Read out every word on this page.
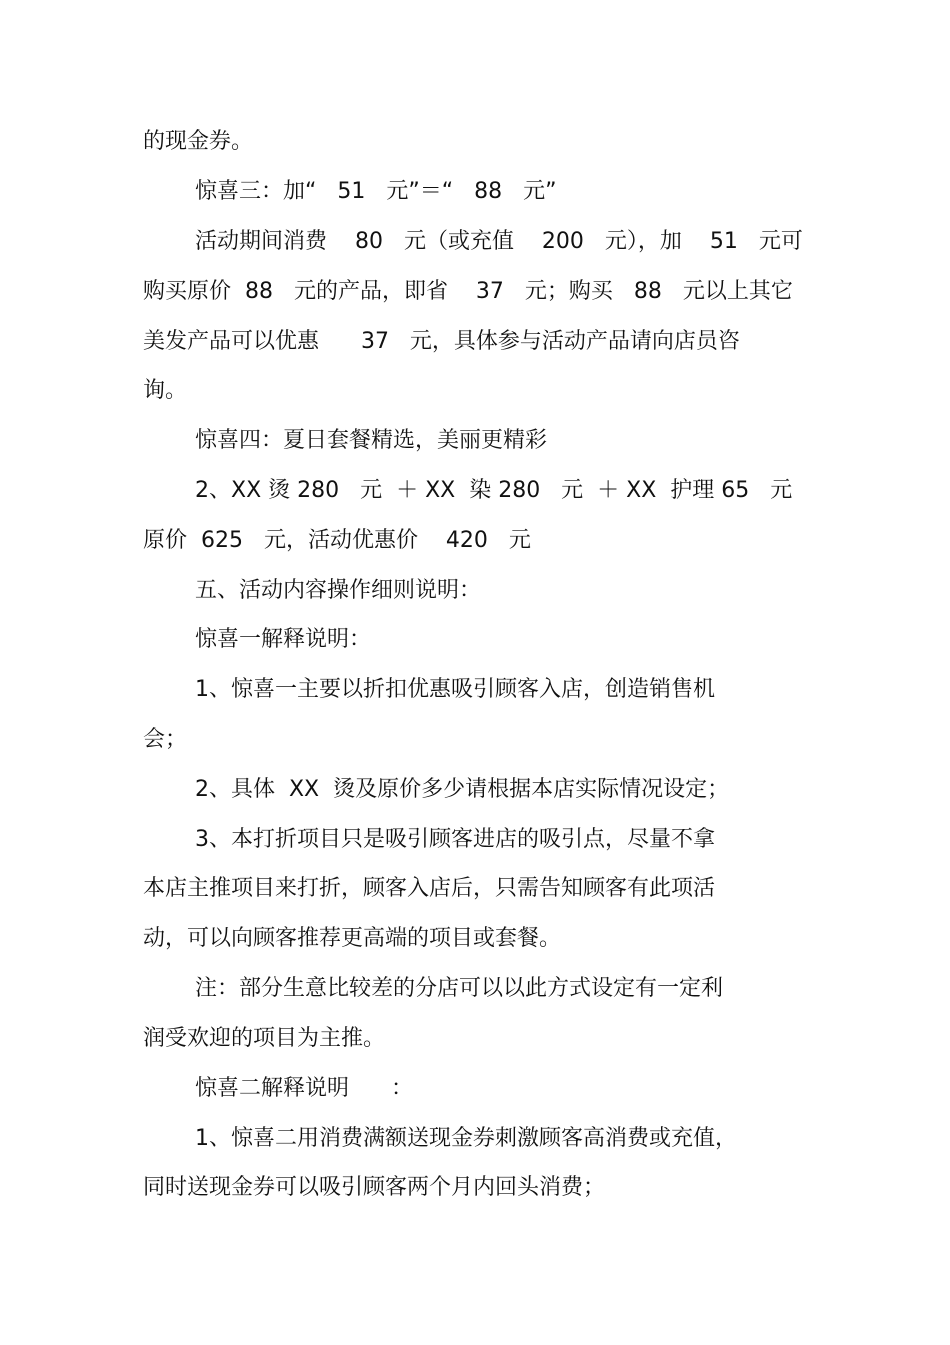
的现金券。
惊喜三：加“   51   元”＝“   88   元”
活动期间消费    80   元（或充值    200   元），加    51   元可
购买原价  88   元的产品，即省    37   元；购买   88   元以上其它
美发产品可以优惠      37   元，具体参与活动产品请向店员咨
询。
惊喜四：夏日套餐精选，美丽更精彩
2、XX 烫 280   元  ＋ XX  染 280   元  ＋ XX  护理 65   元
原价  625   元，活动优惠价    420   元
五、活动内容操作细则说明：
惊喜一解释说明：
1、惊喜一主要以折扣优惠吸引顾客入店，创造销售机
会；
2、具体  XX  烫及原价多少请根据本店实际情况设定；
3、本打折项目只是吸引顾客进店的吸引点，尽量不拿
本店主推项目来打折，顾客入店后，只需告知顾客有此项活
动，可以向顾客推荐更高端的项目或套餐。
注：部分生意比较差的分店可以以此方式设定有一定利
润受欢迎的项目为主推。
惊喜二解释说明      ：
1、惊喜二用消费满额送现金券刺激顾客高消费或充值，
同时送现金券可以吸引顾客两个月内回头消费；
